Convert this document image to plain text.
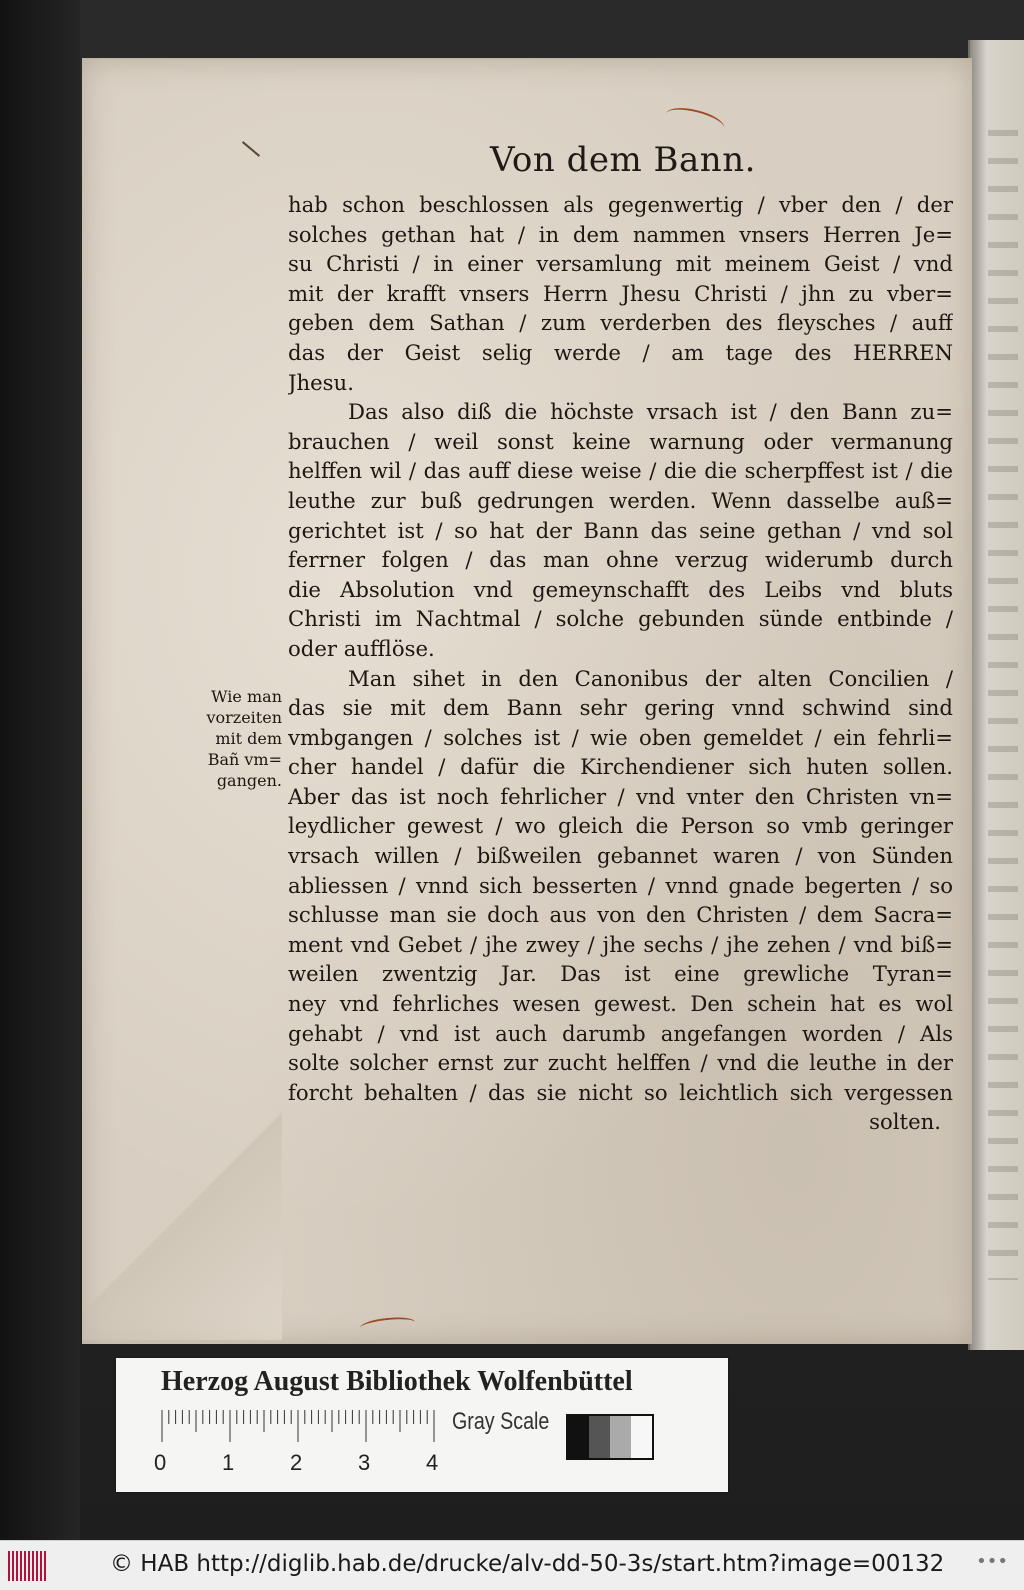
Von dem Bann.
hab schon beschlossen als gegenwertig / vber den / der
solches gethan hat / in dem nammen vnsers Herren Je=
su Christi / in einer versamlung mit meinem Geist / vnd
mit der krafft vnsers Herrn Jhesu Christi / jhn zu vber=
geben dem Sathan / zum verderben des fleysches / auff
das der Geist selig werde / am tage des HERREN
Jhesu.
Das also diß die höchste vrsach ist / den Bann zu=
brauchen / weil sonst keine warnung oder vermanung
helffen wil / das auff diese weise / die die scherpffest ist / die
leuthe zur buß gedrungen werden. Wenn dasselbe auß=
gerichtet ist / so hat der Bann das seine gethan / vnd sol
ferrner folgen / das man ohne verzug widerumb durch
die Absolution vnd gemeynschafft des Leibs vnd bluts
Christi im Nachtmal / solche gebunden sünde entbinde /
oder aufflöse.
Man sihet in den Canonibus der alten Concilien /
das sie mit dem Bann sehr gering vnnd schwind sind
vmbgangen / solches ist / wie oben gemeldet / ein fehrli=
cher handel / dafür die Kirchendiener sich huten sollen.
Aber das ist noch fehrlicher / vnd vnter den Christen vn=
leydlicher gewest / wo gleich die Person so vmb geringer
vrsach willen / bißweilen gebannet waren / von Sünden
abliessen / vnnd sich besserten / vnnd gnade begerten / so
schlusse man sie doch aus von den Christen / dem Sacra=
ment vnd Gebet / jhe zwey / jhe sechs / jhe zehen / vnd biß=
weilen zwentzig Jar. Das ist eine grewliche Tyran=
ney vnd fehrliches wesen gewest. Den schein hat es wol
gehabt / vnd ist auch darumb angefangen worden / Als
solte solcher ernst zur zucht helffen / vnd die leuthe in der
forcht behalten / das sie nicht so leichtlich sich vergessen
solten.
Wie man
vorzeiten
mit dem
Bañ vm=
gangen.
Herzog August Bibliothek Wolfenbüttel
0	1	2	3	4
Gray Scale
© HAB http://diglib.hab.de/drucke/alv-dd-50-3s/start.htm?image=00132 •••
